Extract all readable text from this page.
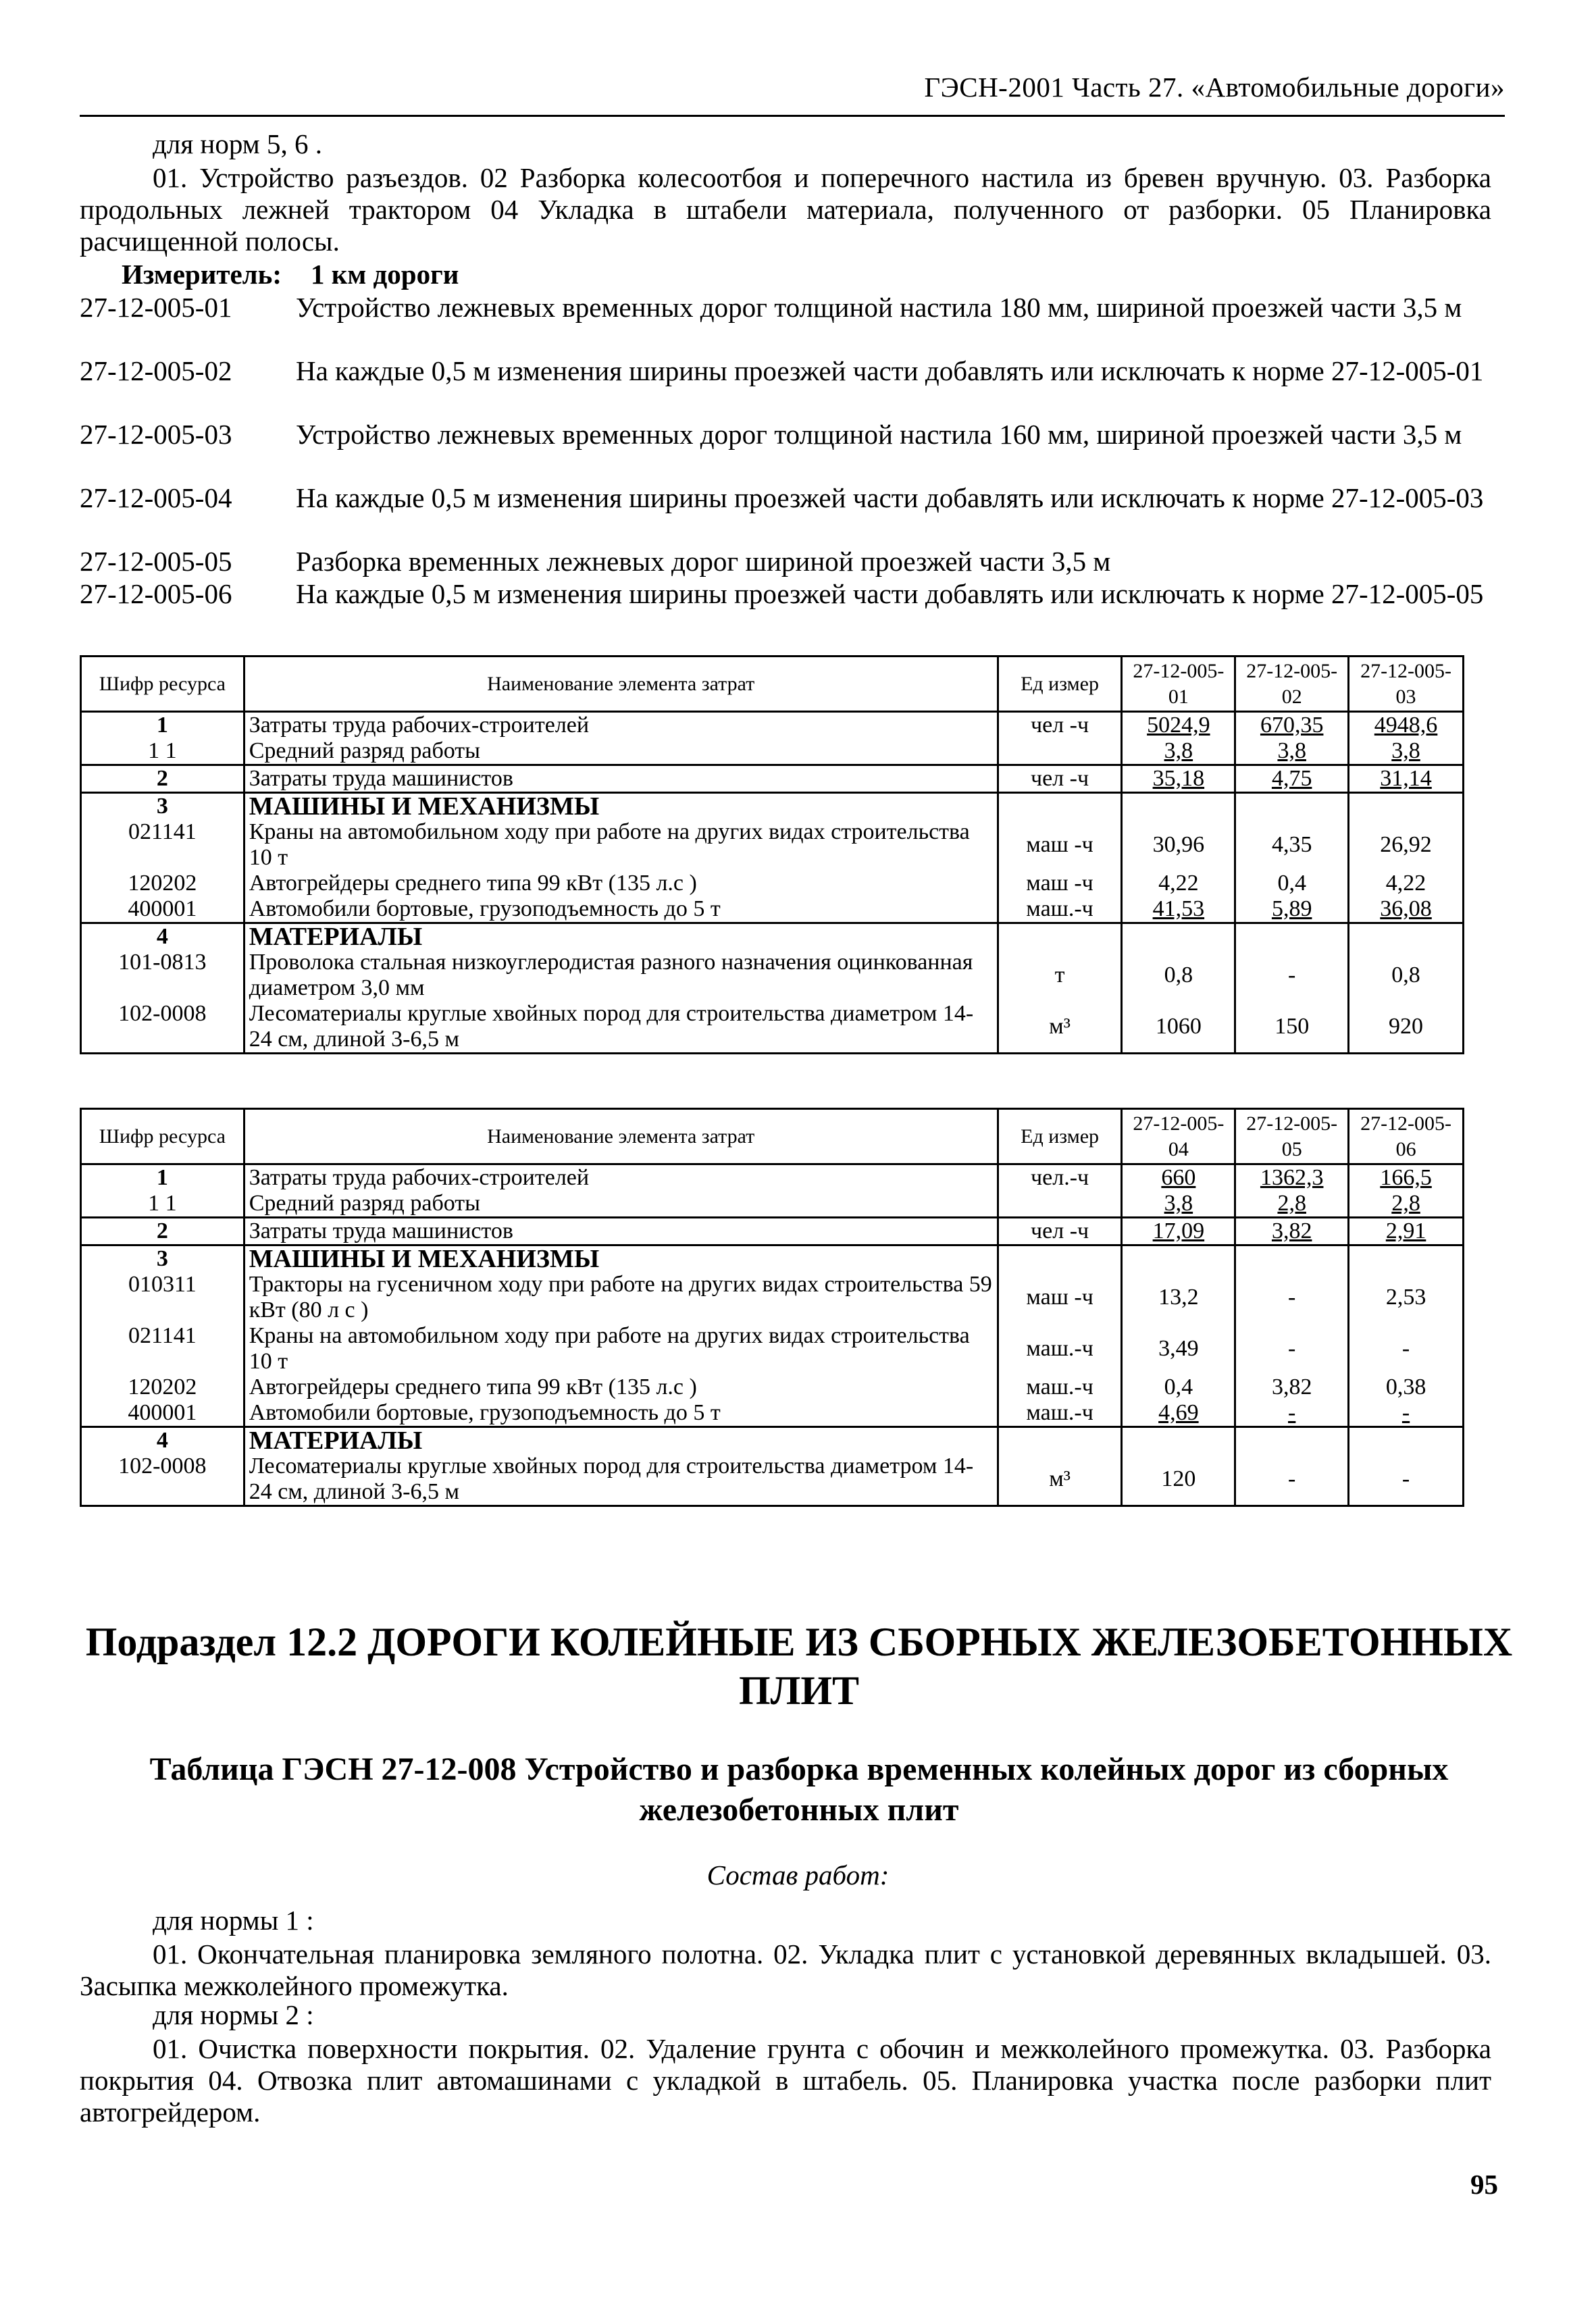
ГЭСН-2001 Часть 27. «Автомобильные дороги»
для норм 5, 6 .
01. Устройство разъездов. 02 Разборка колесоотбоя и поперечного настила из бревен вручную. 03. Разборка продольных лежней трактором 04 Укладка в штабели материала, полученного от разборки. 05 Планировка расчищенной полосы.
Измеритель: 1 км дороги
27-12-005-01	Устройство лежневых временных дорог толщиной настила 180 мм, шириной проезжей части 3,5 м
27-12-005-02	На каждые 0,5 м изменения ширины проезжей части добавлять или исключать к норме 27-12-005-01
27-12-005-03	Устройство лежневых временных дорог толщиной настила 160 мм, шириной проезжей части 3,5 м
27-12-005-04	На каждые 0,5 м изменения ширины проезжей части добавлять или исключать к норме 27-12-005-03
27-12-005-05	Разборка временных лежневых дорог шириной проезжей части 3,5 м
27-12-005-06	На каждые 0,5 м изменения ширины проезжей части добавлять или исключать к норме 27-12-005-05
Шифр ресурса	Наименование элемента затрат	Ед измер	27-12-005-01	27-12-005-02	27-12-005-03
1	Затраты труда рабочих-строителей	чел -ч	5024,9	670,35	4948,6
1 1	Средний разряд работы		3,8	3,8	3,8
2	Затраты труда машинистов	чел -ч	35,18	4,75	31,14
3	МАШИНЫ И МЕХАНИЗМЫ				
021141	Краны на автомобильном ходу при работе на других видах строительства 10 т	маш -ч	30,96	4,35	26,92
120202	Автогрейдеры среднего типа 99 кВт (135 л.с )	маш -ч	4,22	0,4	4,22
400001	Автомобили бортовые, грузоподъемность до 5 т	маш.-ч	41,53	5,89	36,08
4	МАТЕРИАЛЫ				
101-0813	Проволока стальная низкоуглеродистая разного назначения оцинкованная диаметром 3,0 мм	т	0,8	-	0,8
102-0008	Лесоматериалы круглые хвойных пород для строительства диаметром 14-24 см, длиной 3-6,5 м	м³	1060	150	920
Шифр ресурса	Наименование элемента затрат	Ед измер	27-12-005-04	27-12-005-05	27-12-005-06
1	Затраты труда рабочих-строителей	чел.-ч	660	1362,3	166,5
1 1	Средний разряд работы		3,8	2,8	2,8
2	Затраты труда машинистов	чел -ч	17,09	3,82	2,91
3	МАШИНЫ И МЕХАНИЗМЫ				
010311	Тракторы на гусеничном ходу при работе на других видах строительства 59 кВт (80 л с )	маш -ч	13,2	-	2,53
021141	Краны на автомобильном ходу при работе на других видах строительства 10 т	маш.-ч	3,49	-	-
120202	Автогрейдеры среднего типа 99 кВт (135 л.с )	маш.-ч	0,4	3,82	0,38
400001	Автомобили бортовые, грузоподъемность до 5 т	маш.-ч	4,69	-	-
4	МАТЕРИАЛЫ				
102-0008	Лесоматериалы круглые хвойных пород для строительства диаметром 14-24 см, длиной 3-6,5 м	м³	120	-	-
Подраздел 12.2 ДОРОГИ КОЛЕЙНЫЕ ИЗ СБОРНЫХ ЖЕЛЕЗОБЕТОННЫХ ПЛИТ
Таблица ГЭСН 27-12-008 Устройство и разборка временных колейных дорог из сборных железобетонных плит
Состав работ:
для нормы 1 :
01. Окончательная планировка земляного полотна. 02. Укладка плит с установкой деревянных вкладышей. 03. Засыпка межколейного промежутка.
для нормы 2 :
01. Очистка поверхности покрытия. 02. Удаление грунта с обочин и межколейного промежутка. 03. Разборка покрытия 04. Отвозка плит автомашинами с укладкой в штабель. 05. Планировка участка после разборки плит автогрейдером.
95
